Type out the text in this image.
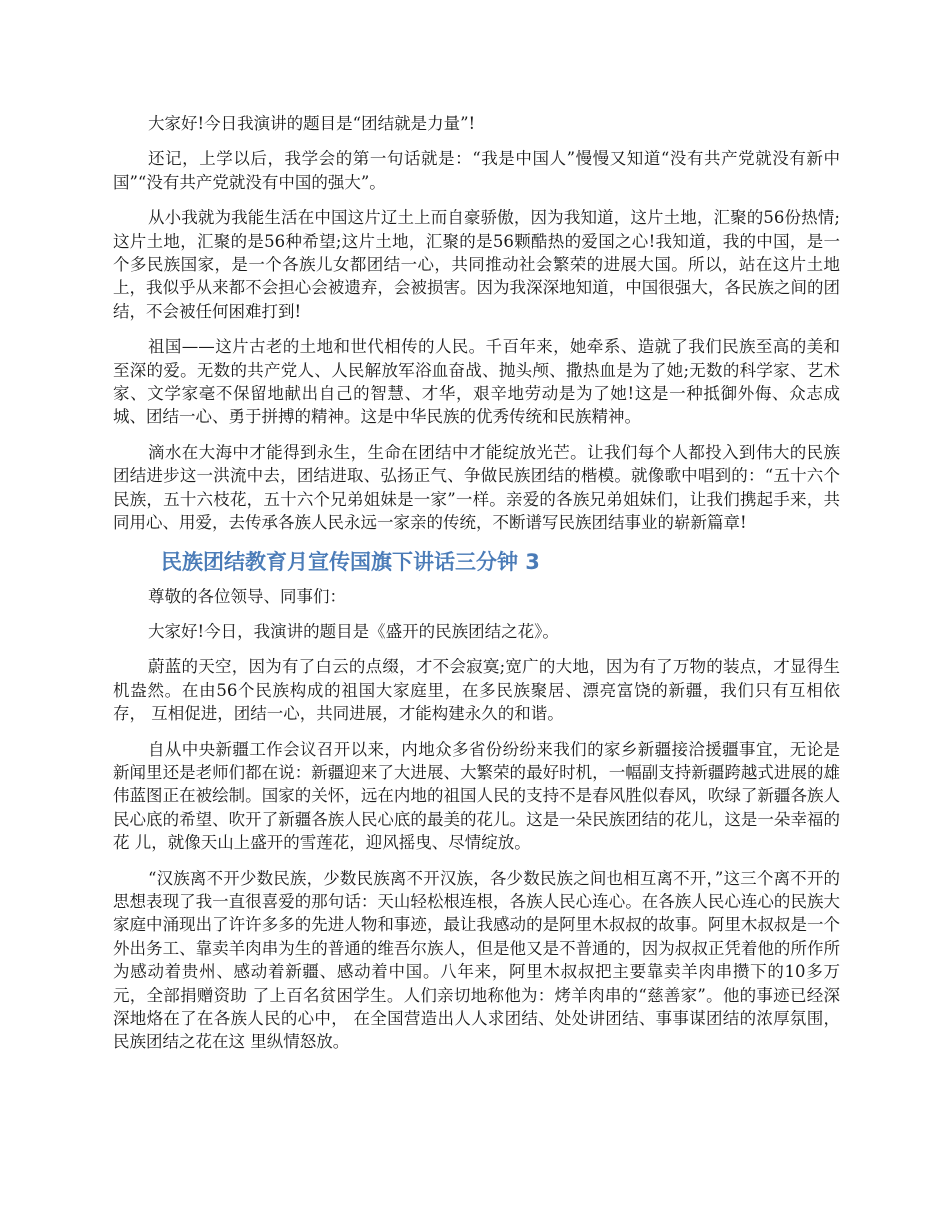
大家好!今日我演讲的题目是“团结就是力量”!

还记，上学以后，我学会的第一句话就是：“我是中国人”慢慢又知道“没有共产党就没有新中国”“没有共产党就没有中国的强大”。

从小我就为我能生活在中国这片辽土上而自豪骄傲，因为我知道，这片土地，汇聚的56份热情;这片土地，汇聚的是56种希望;这片土地，汇聚的是56颗酷热的爱国之心!我知道，我的中国，是一个多民族国家，是一个各族儿女都团结一心，共同推动社会繁荣的进展大国。所以，站在这片土地上，我似乎从来都不会担心会被遗弃，会被损害。因为我深深地知道，中国很强大，各民族之间的团结，不会被任何困难打到!

祖国——这片古老的土地和世代相传的人民。千百年来，她牵系、造就了我们民族至高的美和至深的爱。无数的共产党人、人民解放军浴血奋战、抛头颅、撒热血是为了她;无数的科学家、艺术家、文学家毫不保留地献出自己的智慧、才华，艰辛地劳动是为了她!这是一种抵御外侮、众志成城、团结一心、勇于拼搏的精神。这是中华民族的优秀传统和民族精神。

滴水在大海中才能得到永生，生命在团结中才能绽放光芒。让我们每个人都投入到伟大的民族团结进步这一洪流中去，团结进取、弘扬正气、争做民族团结的楷模。就像歌中唱到的：“五十六个民族，五十六枝花，五十六个兄弟姐妹是一家”一样。亲爱的各族兄弟姐妹们，让我们携起手来，共同用心、用爱，去传承各族人民永远一家亲的传统，不断谱写民族团结事业的崭新篇章!

民族团结教育月宣传国旗下讲话三分钟 3

尊敬的各位领导、同事们：

大家好!今日，我演讲的题目是《盛开的民族团结之花》。

蔚蓝的天空，因为有了白云的点缀，才不会寂寞;宽广的大地，因为有了万物的装点，才显得生机盎然。在由56个民族构成的祖国大家庭里，在多民族聚居、漂亮富饶的新疆，我们只有互相依存， 互相促进，团结一心，共同进展，才能构建永久的和谐。

自从中央新疆工作会议召开以来，内地众多省份纷纷来我们的家乡新疆接洽援疆事宜，无论是新闻里还是老师们都在说：新疆迎来了大进展、大繁荣的最好时机，一幅副支持新疆跨越式进展的雄伟蓝图正在被绘制。国家的关怀，远在内地的祖国人民的支持不是春风胜似春风，吹绿了新疆各族人民心底的希望、吹开了新疆各族人民心底的最美的花儿。这是一朵民族团结的花儿，这是一朵幸福的花 儿，就像天山上盛开的雪莲花，迎风摇曳、尽情绽放。

“汉族离不开少数民族，少数民族离不开汉族，各少数民族之间也相互离不开，”这三个离不开的思想表现了我一直很喜爱的那句话：天山轻松根连根，各族人民心连心。在各族人民心连心的民族大家庭中涌现出了许许多多的先进人物和事迹，最让我感动的是阿里木叔叔的故事。阿里木叔叔是一个外出务工、靠卖羊肉串为生的普通的维吾尔族人，但是他又是不普通的，因为叔叔正凭着他的所作所为感动着贵州、感动着新疆、感动着中国。八年来，阿里木叔叔把主要靠卖羊肉串攒下的10多万元，全部捐赠资助 了上百名贫困学生。人们亲切地称他为：烤羊肉串的“慈善家”。他的事迹已经深深地烙在了在各族人民的心中， 在全国营造出人人求团结、处处讲团结、事事谋团结的浓厚氛围，民族团结之花在这 里纵情怒放。
